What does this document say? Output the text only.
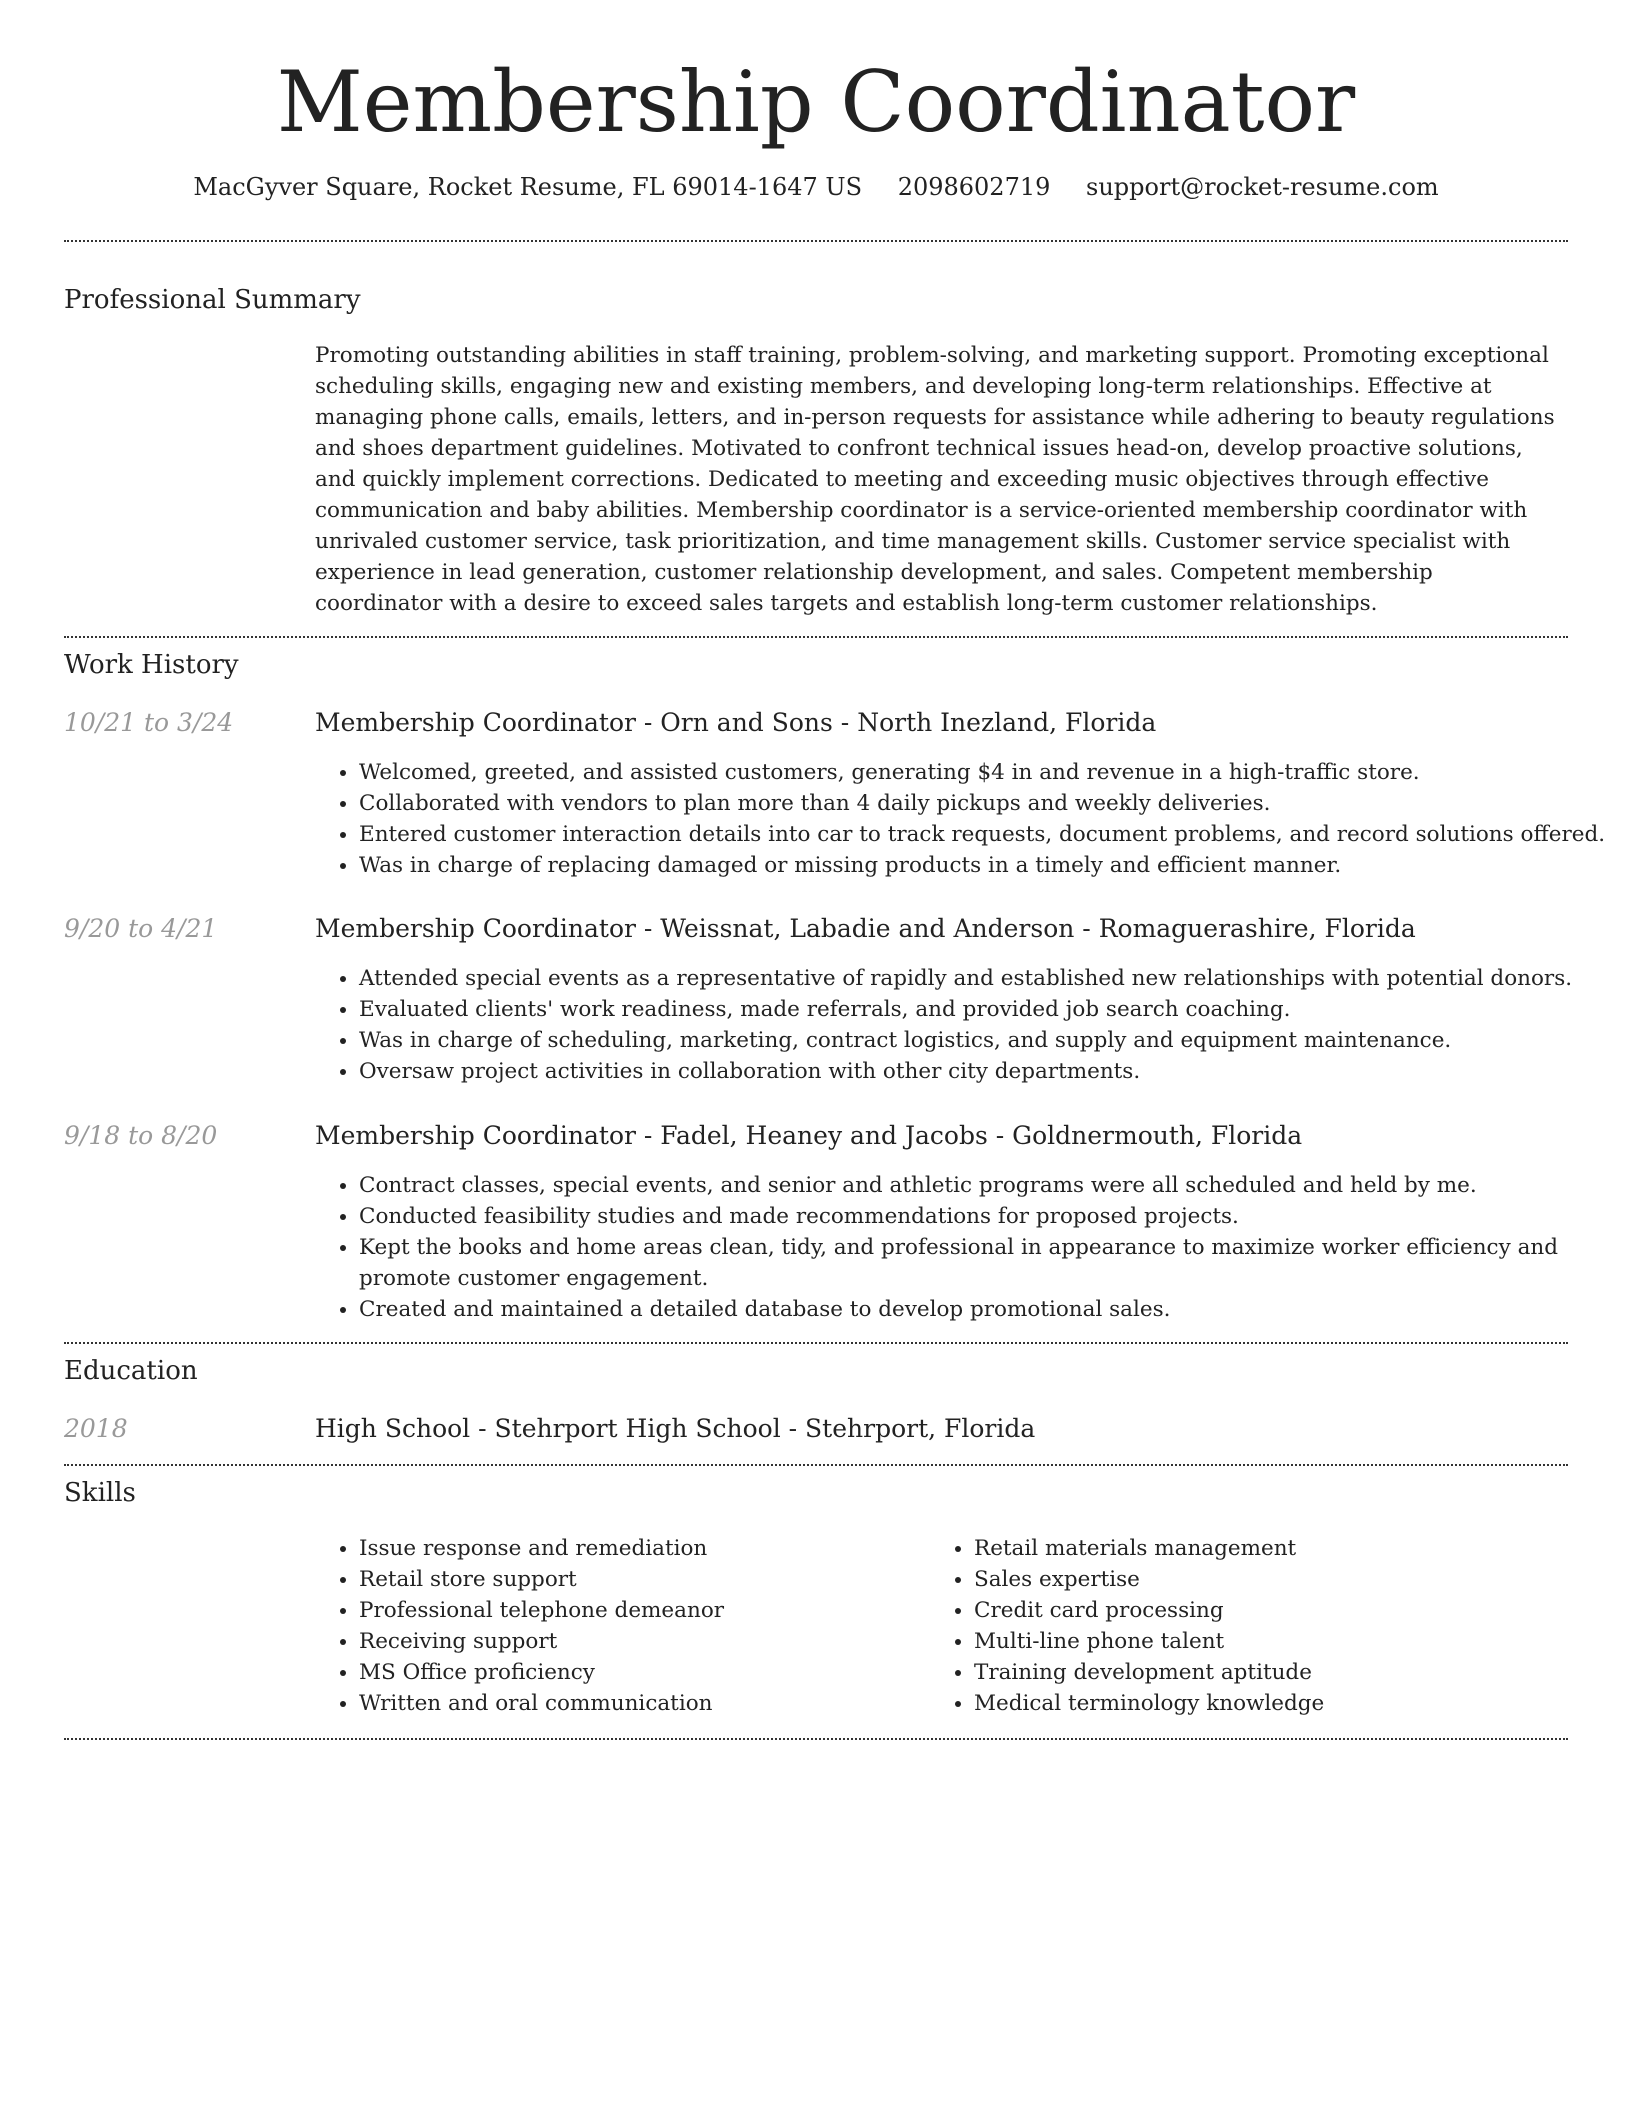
Membership Coordinator
MacGyver Square, Rocket Resume, FL 69014-1647 US 2098602719 support@rocket-resume.com
Professional Summary
Promoting outstanding abilities in staff training, problem-solving, and marketing support. Promoting exceptional scheduling skills, engaging new and existing members, and developing long-term relationships. Effective at managing phone calls, emails, letters, and in-person requests for assistance while adhering to beauty regulations and shoes department guidelines. Motivated to confront technical issues head-on, develop proactive solutions, and quickly implement corrections. Dedicated to meeting and exceeding music objectives through effective communication and baby abilities. Membership coordinator is a service-oriented membership coordinator with unrivaled customer service, task prioritization, and time management skills. Customer service specialist with experience in lead generation, customer relationship development, and sales. Competent membership coordinator with a desire to exceed sales targets and establish long-term customer relationships.
Work History
10/21 to 3/24	Membership Coordinator - Orn and Sons - North Inezland, Florida
• Welcomed, greeted, and assisted customers, generating $4 in and revenue in a high-traffic store.
• Collaborated with vendors to plan more than 4 daily pickups and weekly deliveries.
• Entered customer interaction details into car to track requests, document problems, and record solutions offered.
• Was in charge of replacing damaged or missing products in a timely and efficient manner.
9/20 to 4/21	Membership Coordinator - Weissnat, Labadie and Anderson - Romaguerashire, Florida
• Attended special events as a representative of rapidly and established new relationships with potential donors.
• Evaluated clients' work readiness, made referrals, and provided job search coaching.
• Was in charge of scheduling, marketing, contract logistics, and supply and equipment maintenance.
• Oversaw project activities in collaboration with other city departments.
9/18 to 8/20	Membership Coordinator - Fadel, Heaney and Jacobs - Goldnermouth, Florida
• Contract classes, special events, and senior and athletic programs were all scheduled and held by me.
• Conducted feasibility studies and made recommendations for proposed projects.
• Kept the books and home areas clean, tidy, and professional in appearance to maximize worker efficiency and promote customer engagement.
• Created and maintained a detailed database to develop promotional sales.
Education
2018	High School - Stehrport High School - Stehrport, Florida
Skills
• Issue response and remediation
• Retail store support
• Professional telephone demeanor
• Receiving support
• MS Office proficiency
• Written and oral communication
• Retail materials management
• Sales expertise
• Credit card processing
• Multi-line phone talent
• Training development aptitude
• Medical terminology knowledge
